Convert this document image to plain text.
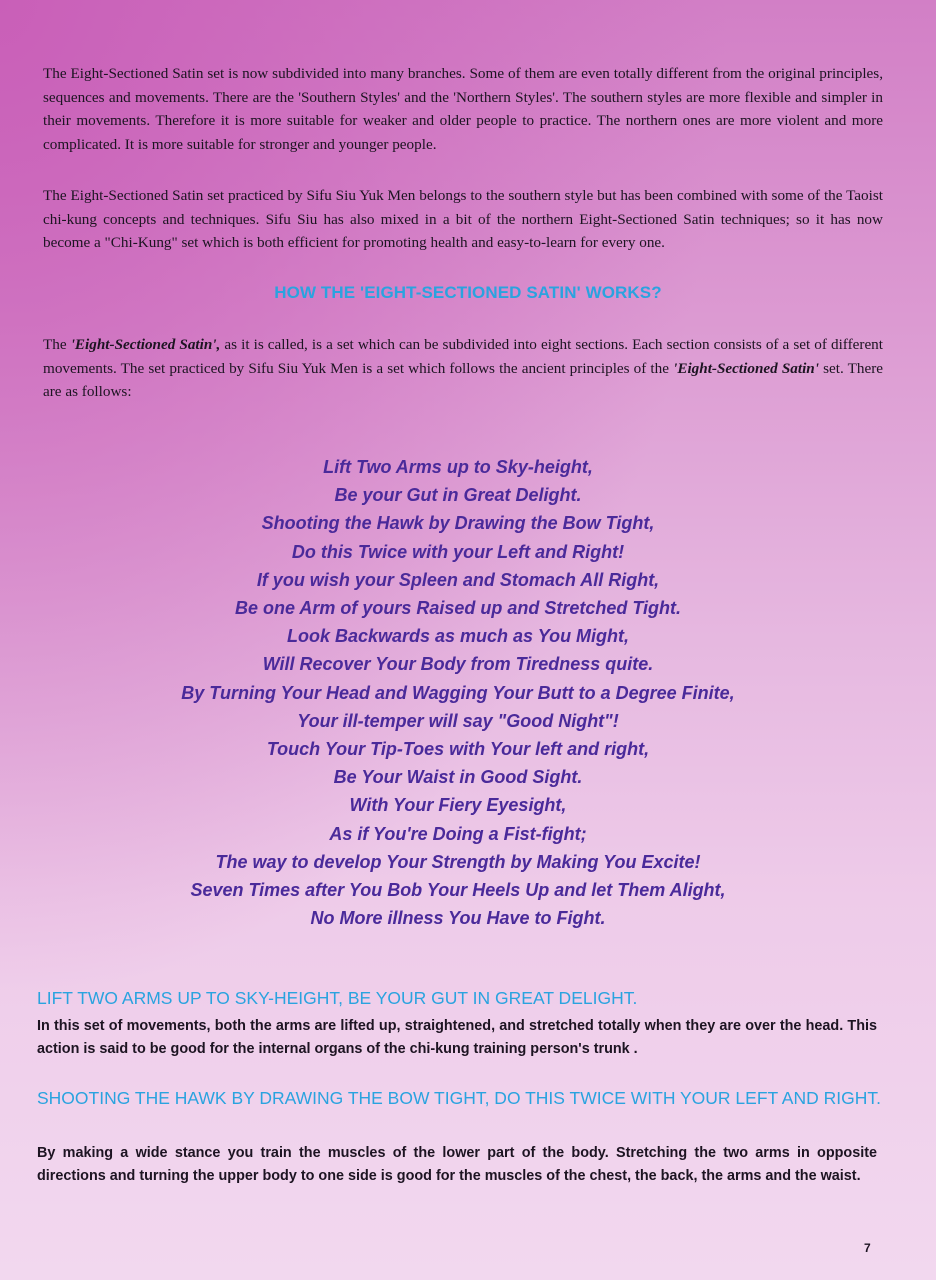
The Eight-Sectioned Satin set is now subdivided into many branches. Some of them are even totally different from the original principles, sequences and movements. There are the 'Southern Styles' and the 'Northern Styles'. The southern styles are more flexible and simpler in their movements. Therefore it is more suitable for weaker and older people to practice. The northern ones are more violent and more complicated. It is more suitable for stronger and younger people.

The Eight-Sectioned Satin set practiced by Sifu Siu Yuk Men belongs to the southern style but has been combined with some of the Taoist chi-kung concepts and techniques. Sifu Siu has also mixed in a bit of the northern Eight-Sectioned Satin techniques; so it has now become a "Chi-Kung" set which is both efficient for promoting health and easy-to-learn for every one.

HOW THE 'EIGHT-SECTIONED SATIN' WORKS?

The 'Eight-Sectioned Satin', as it is called, is a set which can be subdivided into eight sections. Each section consists of a set of different movements. The set practiced by Sifu Siu Yuk Men is a set which follows the ancient principles of the 'Eight-Sectioned Satin' set. There are as follows:

Lift Two Arms up to Sky-height,
Be your Gut in Great Delight.
Shooting the Hawk by Drawing the Bow Tight,
Do this Twice with your Left and Right!
If you wish your Spleen and Stomach All Right,
Be one Arm of yours Raised up and Stretched Tight.
Look Backwards as much as You Might,
Will Recover Your Body from Tiredness quite.
By Turning Your Head and Wagging Your Butt to a Degree Finite,
Your ill-temper will say "Good Night"!
Touch Your Tip-Toes with Your left and right,
Be Your Waist in Good Sight.
With Your Fiery Eyesight,
As if You're Doing a Fist-fight;
The way to develop Your Strength by Making You Excite!
Seven Times after You Bob Your Heels Up and let Them Alight,
No More illness You Have to Fight.
LIFT TWO ARMS UP TO SKY-HEIGHT, BE YOUR GUT IN GREAT DELIGHT.

In this set of movements, both the arms are lifted up, straightened, and stretched totally when they are over the head. This action is said to be good for the internal organs of the chi-kung training person's trunk .

SHOOTING THE HAWK BY DRAWING THE BOW TIGHT, DO THIS TWICE WITH YOUR LEFT AND RIGHT.

By making a wide stance you train the muscles of the lower part of the body. Stretching the two arms in opposite directions and turning the upper body to one side is good for the muscles of the chest, the back, the arms and the waist.

7
